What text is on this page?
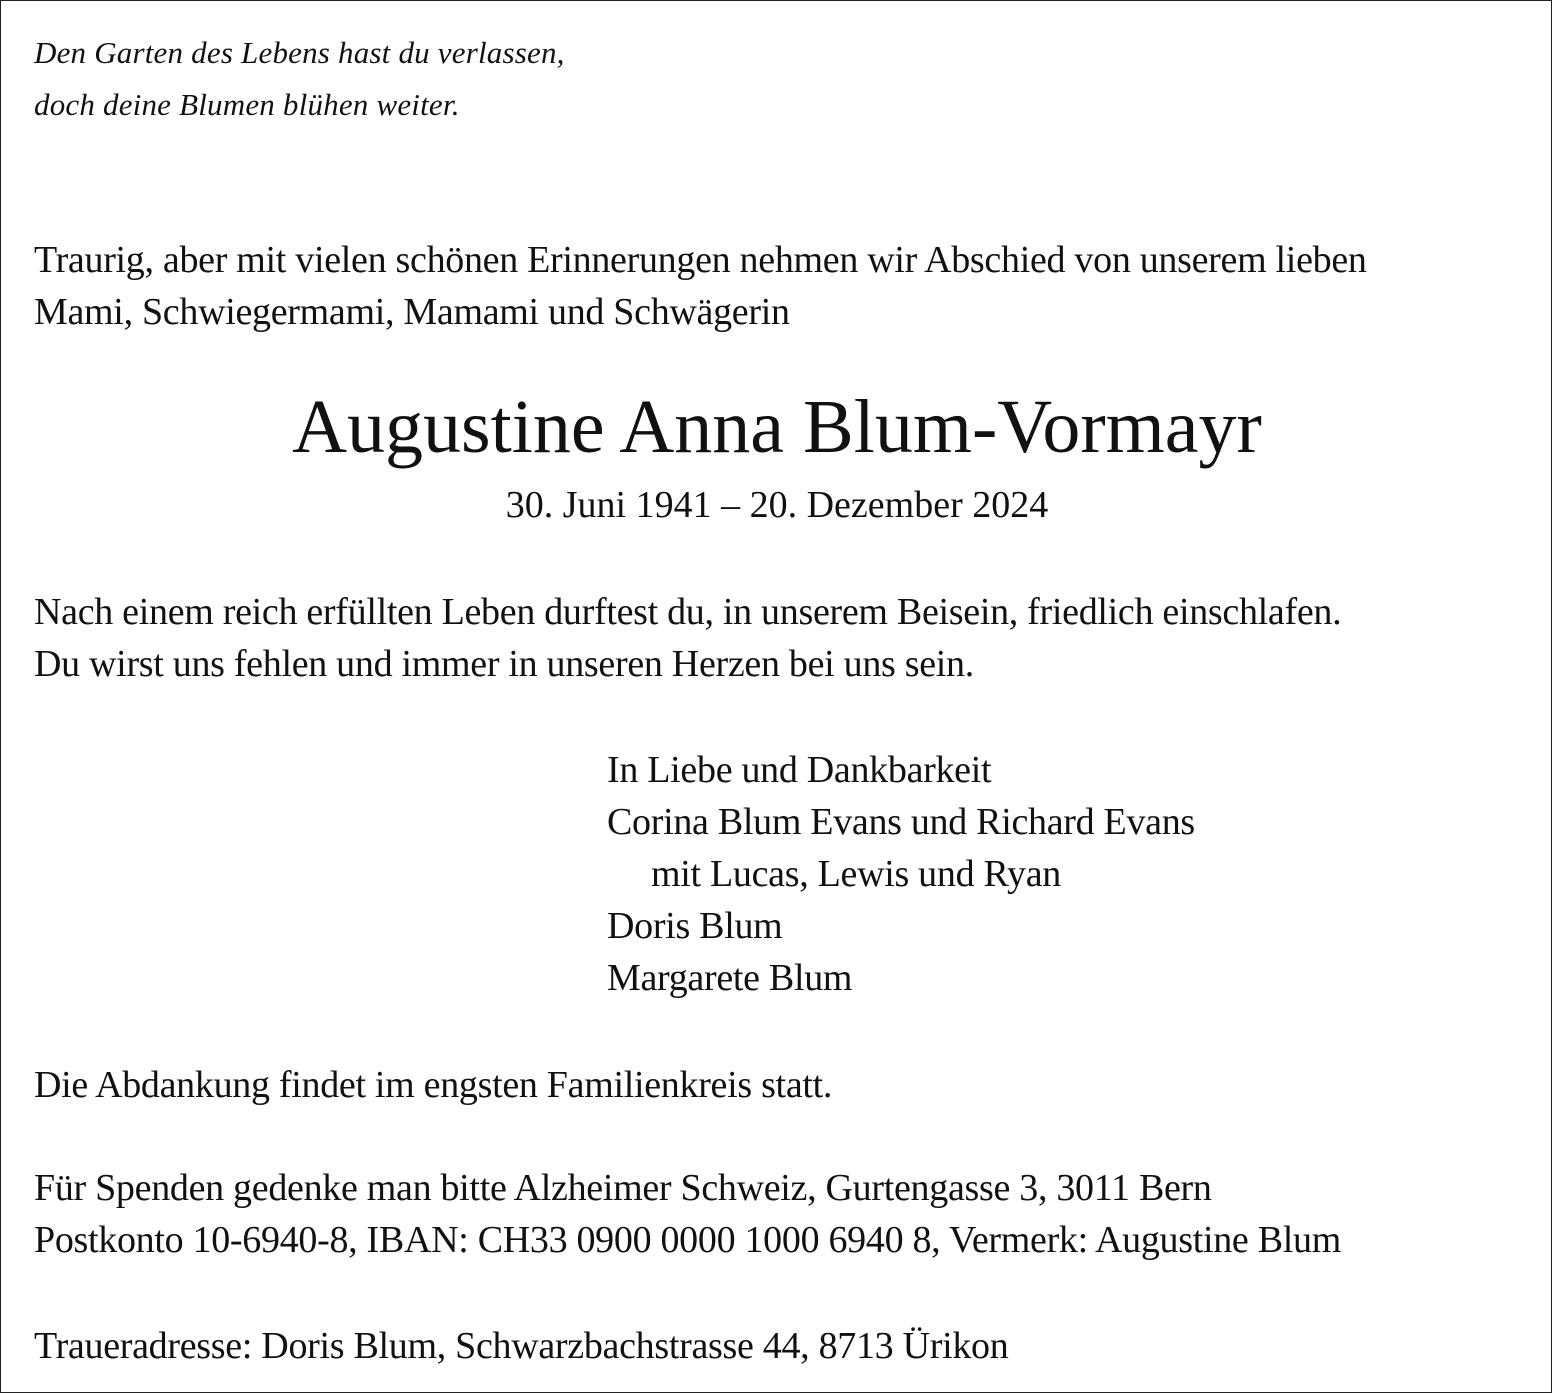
Den Garten des Lebens hast du verlassen,
doch deine Blumen blühen weiter.
Traurig, aber mit vielen schönen Erinnerungen nehmen wir Abschied von unserem lieben
Mami, Schwiegermami, Mamami und Schwägerin
Augustine Anna Blum-Vormayr
30. Juni 1941 – 20. Dezember 2024
Nach einem reich erfüllten Leben durftest du, in unserem Beisein, friedlich einschlafen.
Du wirst uns fehlen und immer in unseren Herzen bei uns sein.
In Liebe und Dankbarkeit
Corina Blum Evans und Richard Evans
mit Lucas, Lewis und Ryan
Doris Blum
Margarete Blum
Die Abdankung findet im engsten Familienkreis statt.
Für Spenden gedenke man bitte Alzheimer Schweiz, Gurtengasse 3, 3011 Bern
Postkonto 10-6940-8, IBAN: CH33 0900 0000 1000 6940 8, Vermerk: Augustine Blum
Traueradresse: Doris Blum, Schwarzbachstrasse 44, 8713 Ürikon
